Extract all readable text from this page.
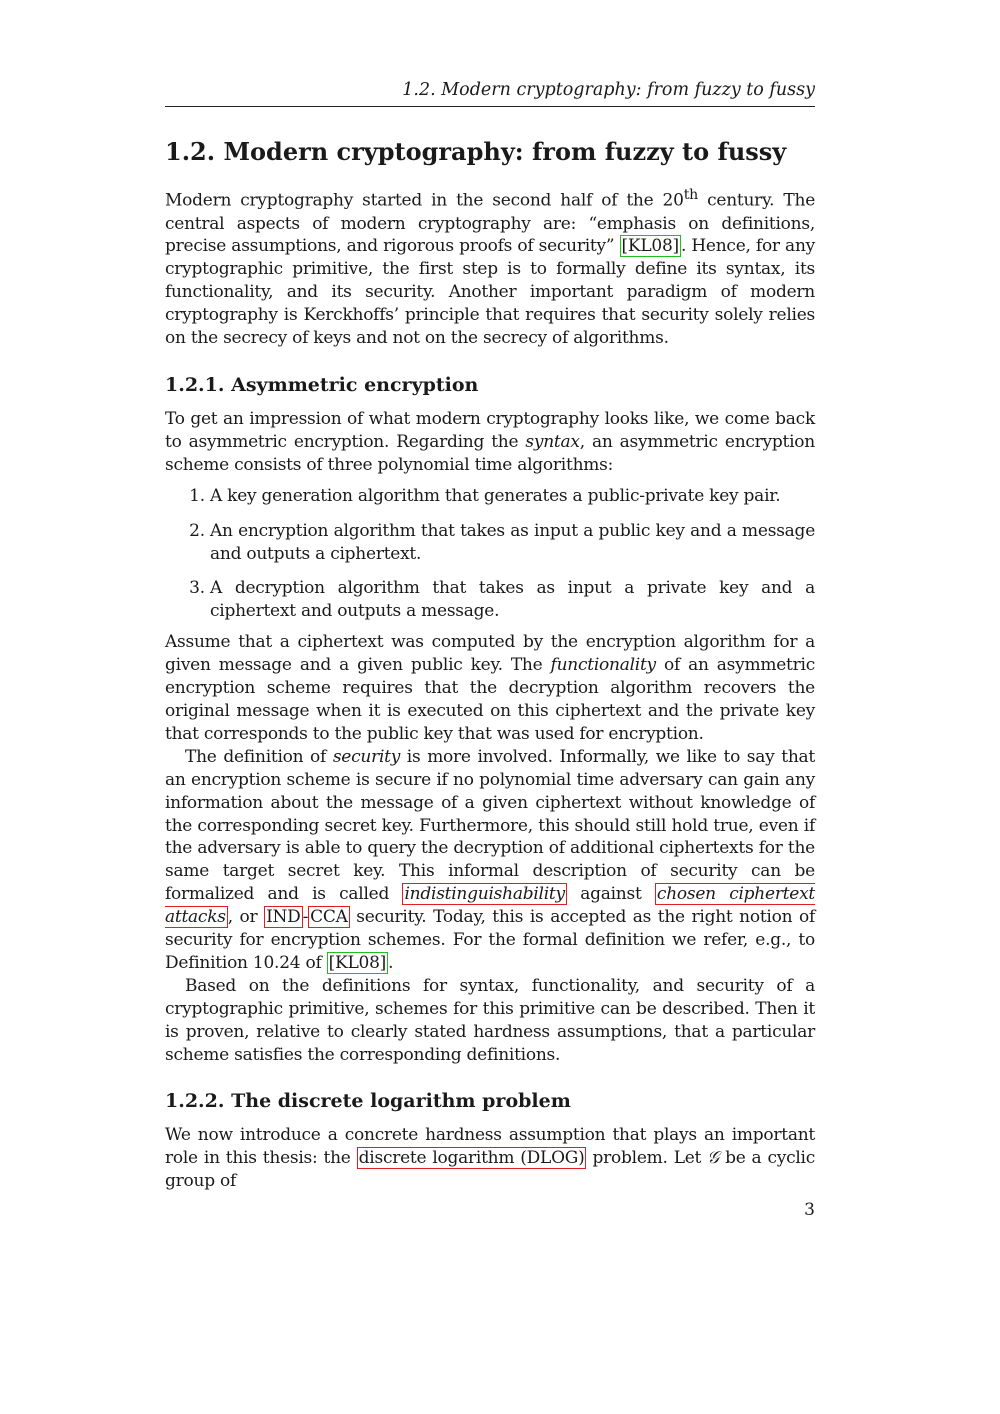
1.2. Modern cryptography: from fuzzy to fussy
1.2. Modern cryptography: from fuzzy to fussy

Modern cryptography started in the second half of the 20th century. The central aspects of modern cryptography are: “emphasis on definitions, precise assumptions, and rigorous proofs of security” [KL08] . Hence, for any cryptographic primitive, the first step is to formally define its syntax, its functionality, and its security. Another important paradigm of modern cryptography is Kerckhoffs’ principle that requires that security solely relies on the secrecy of keys and not on the secrecy of algorithms.

1.2.1. Asymmetric encryption

To get an impression of what modern cryptography looks like, we come back to asymmetric encryption. Regarding the syntax, an asymmetric encryption scheme consists of three polynomial time algorithms:

1. A key generation algorithm that generates a public-private key pair.
2. An encryption algorithm that takes as input a public key and a message and outputs a ciphertext.
3. A decryption algorithm that takes as input a private key and a ciphertext and outputs a message.

Assume that a ciphertext was computed by the encryption algorithm for a given message and a given public key. The functionality of an asymmetric encryption scheme requires that the decryption algorithm recovers the original message when it is executed on this ciphertext and the private key that corresponds to the public key that was used for encryption.

The definition of security is more involved. Informally, we like to say that an encryption scheme is secure if no polynomial time adversary can gain any information about the message of a given ciphertext without knowledge of the corresponding secret key. Furthermore, this should still hold true, even if the adversary is able to query the decryption of additional ciphertexts for the same target secret key. This informal description of security can be formalized and is called indistinguishability against chosen ciphertext attacks , or IND - CCA security. Today, this is accepted as the right notion of security for encryption schemes. For the formal definition we refer, e.g., to Definition 10.24 of [KL08] .

Based on the definitions for syntax, functionality, and security of a cryptographic primitive, schemes for this primitive can be described. Then it is proven, relative to clearly stated hardness assumptions, that a particular scheme satisfies the corresponding definitions.

1.2.2. The discrete logarithm problem

We now introduce a concrete hardness assumption that plays an important role in this thesis: the discrete logarithm (DLOG) problem. Let 𝒢 be a cyclic group of

3
